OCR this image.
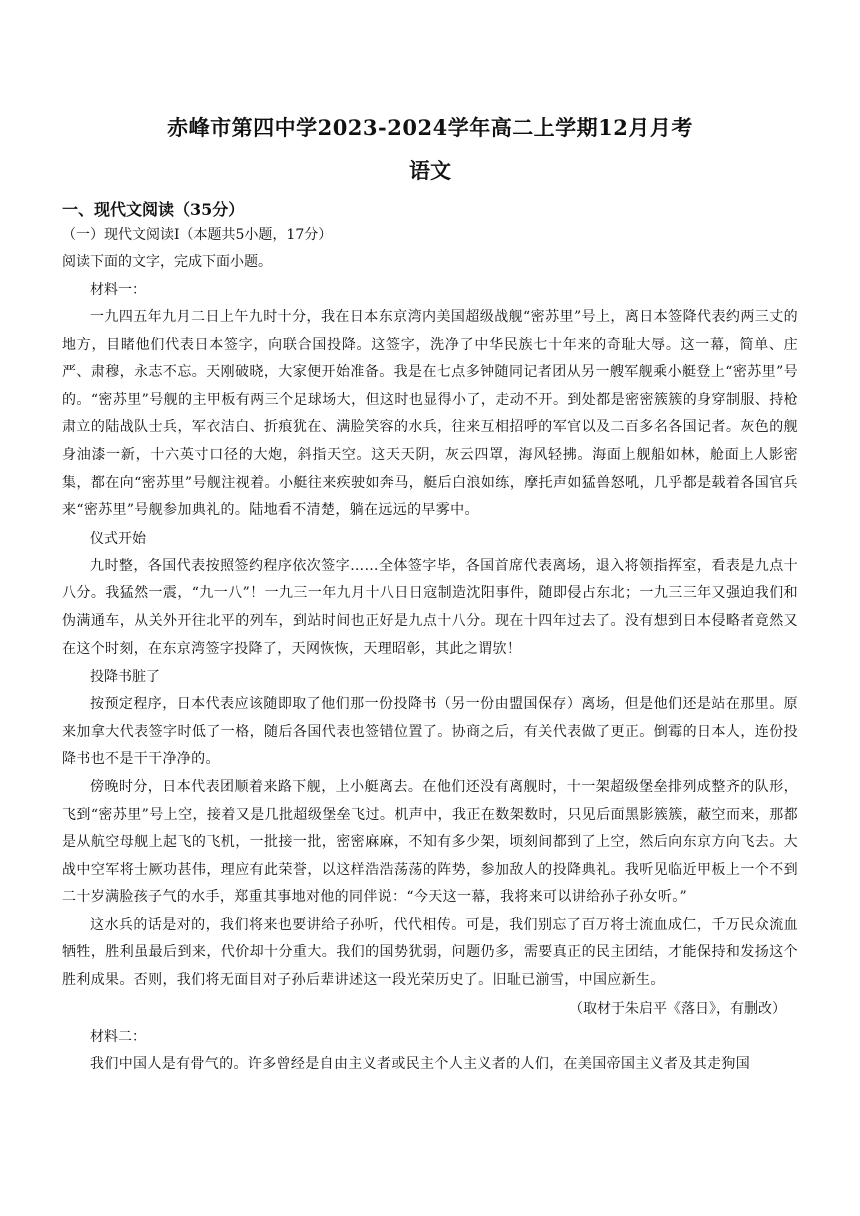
赤峰市第四中学2023-2024学年高二上学期12月月考
语文
一、现代文阅读（35分）

（一）现代文阅读Ⅰ（本题共5小题，17分）

阅读下面的文字，完成下面小题。

材料一：

一九四五年九月二日上午九时十分，我在日本东京湾内美国超级战舰“密苏里”号上，离日本签降代表约两三丈的地方，目睹他们代表日本签字，向联合国投降。这签字，洗净了中华民族七十年来的奇耻大辱。这一幕，简单、庄严、肃穆，永志不忘。天刚破晓，大家便开始准备。我是在七点多钟随同记者团从另一艘军舰乘小艇登上“密苏里”号的。“密苏里”号舰的主甲板有两三个足球场大，但这时也显得小了，走动不开。到处都是密密簇簇的身穿制服、持枪肃立的陆战队士兵，军衣洁白、折痕犹在、满脸笑容的水兵，往来互相招呼的军官以及二百多名各国记者。灰色的舰身油漆一新，十六英寸口径的大炮，斜指天空。这天天阴，灰云四罩，海风轻拂。海面上舰船如林，舱面上人影密集，都在向“密苏里”号舰注视着。小艇往来疾驶如奔马，艇后白浪如练，摩托声如猛兽怒吼，几乎都是载着各国官兵来“密苏里”号舰参加典礼的。陆地看不清楚，躺在远远的早雾中。

仪式开始

九时整，各国代表按照签约程序依次签字……全体签字毕，各国首席代表离场，退入将领指挥室，看表是九点十八分。我猛然一震，“九一八”！一九三一年九月十八日日寇制造沈阳事件，随即侵占东北；一九三三年又强迫我们和伪满通车，从关外开往北平的列车，到站时间也正好是九点十八分。现在十四年过去了。没有想到日本侵略者竟然又在这个时刻，在东京湾签字投降了，天网恢恢，天理昭彰，其此之谓欤！

投降书脏了

按预定程序，日本代表应该随即取了他们那一份投降书（另一份由盟国保存）离场，但是他们还是站在那里。原来加拿大代表签字时低了一格，随后各国代表也签错位置了。协商之后，有关代表做了更正。倒霉的日本人，连份投降书也不是干干净净的。

傍晚时分，日本代表团顺着来路下舰，上小艇离去。在他们还没有离舰时，十一架超级堡垒排列成整齐的队形，飞到“密苏里”号上空，接着又是几批超级堡垒飞过。机声中，我正在数架数时，只见后面黑影簇簇，蔽空而来，那都是从航空母舰上起飞的飞机，一批接一批，密密麻麻，不知有多少架，顷刻间都到了上空，然后向东京方向飞去。大战中空军将士厥功甚伟，理应有此荣誉，以这样浩浩荡荡的阵势，参加敌人的投降典礼。我听见临近甲板上一个不到二十岁满脸孩子气的水手，郑重其事地对他的同伴说：“今天这一幕，我将来可以讲给孙子孙女听。”

这水兵的话是对的，我们将来也要讲给子孙听，代代相传。可是，我们别忘了百万将士流血成仁，千万民众流血牺牲，胜利虽最后到来，代价却十分重大。我们的国势犹弱，问题仍多，需要真正的民主团结，才能保持和发扬这个胜利成果。否则，我们将无面目对子孙后辈讲述这一段光荣历史了。旧耻已湔雪，中国应新生。

（取材于朱启平《落日》，有删改）

材料二：

我们中国人是有骨气的。许多曾经是自由主义者或民主个人主义者的人们，在美国帝国主义者及其走狗国
